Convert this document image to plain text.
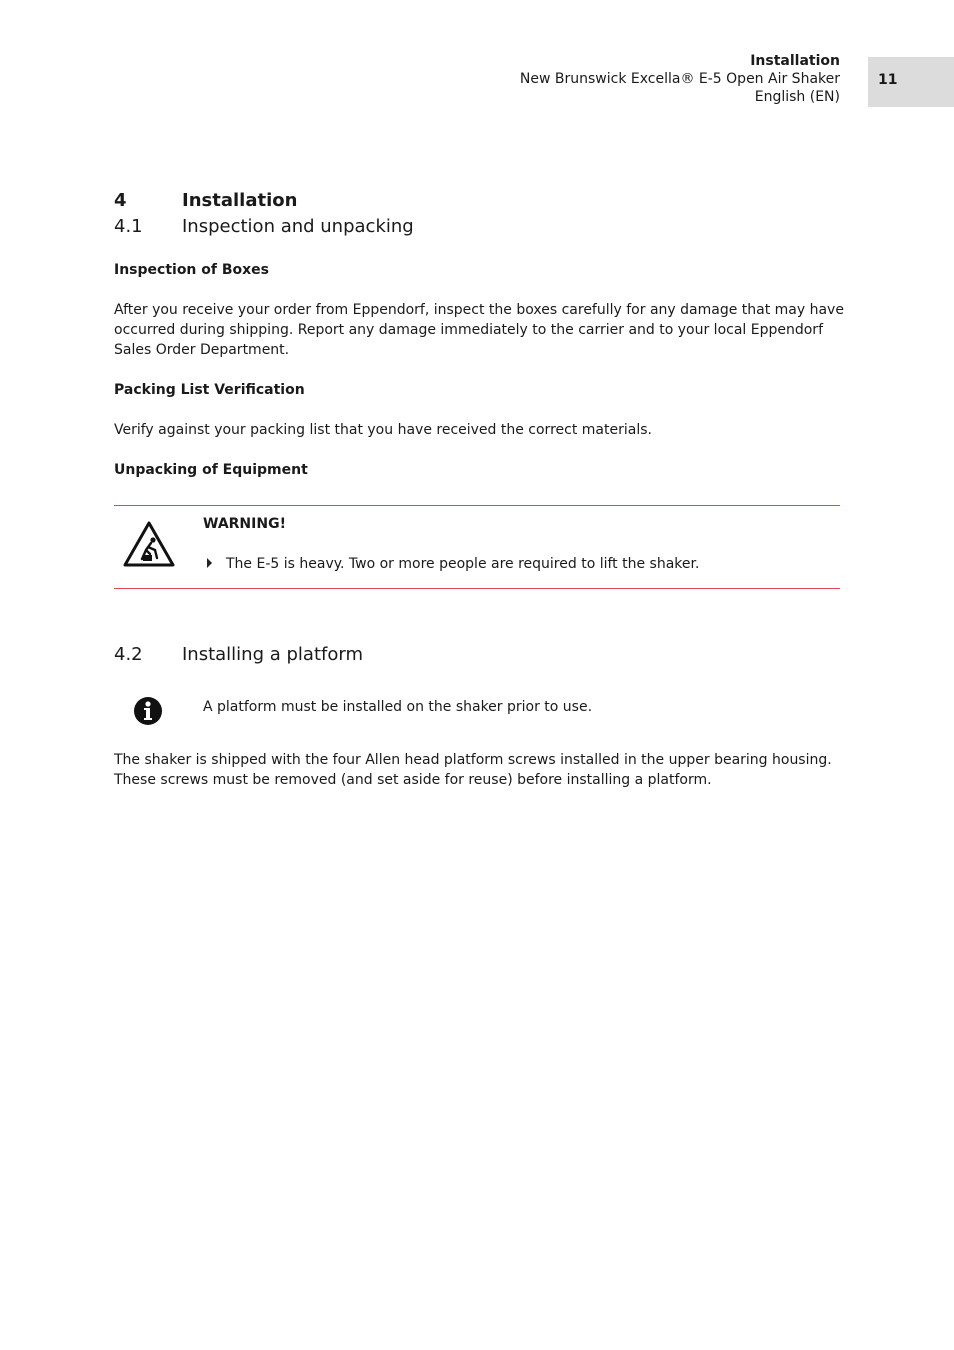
Installation
New Brunswick Excella® E-5 Open Air Shaker
English (EN)
11
4	Installation
4.1 Inspection and unpacking
Inspection of Boxes
After you receive your order from Eppendorf, inspect the boxes carefully for any damage that may have occurred during shipping. Report any damage immediately to the carrier and to your local Eppendorf Sales Order Department.
Packing List Verification
Verify against your packing list that you have received the correct materials.
Unpacking of Equipment
WARNING!
The E-5 is heavy. Two or more people are required to lift the shaker.
4.2 Installing a platform
A platform must be installed on the shaker prior to use.
The shaker is shipped with the four Allen head platform screws installed in the upper bearing housing. These screws must be removed (and set aside for reuse) before installing a platform.
